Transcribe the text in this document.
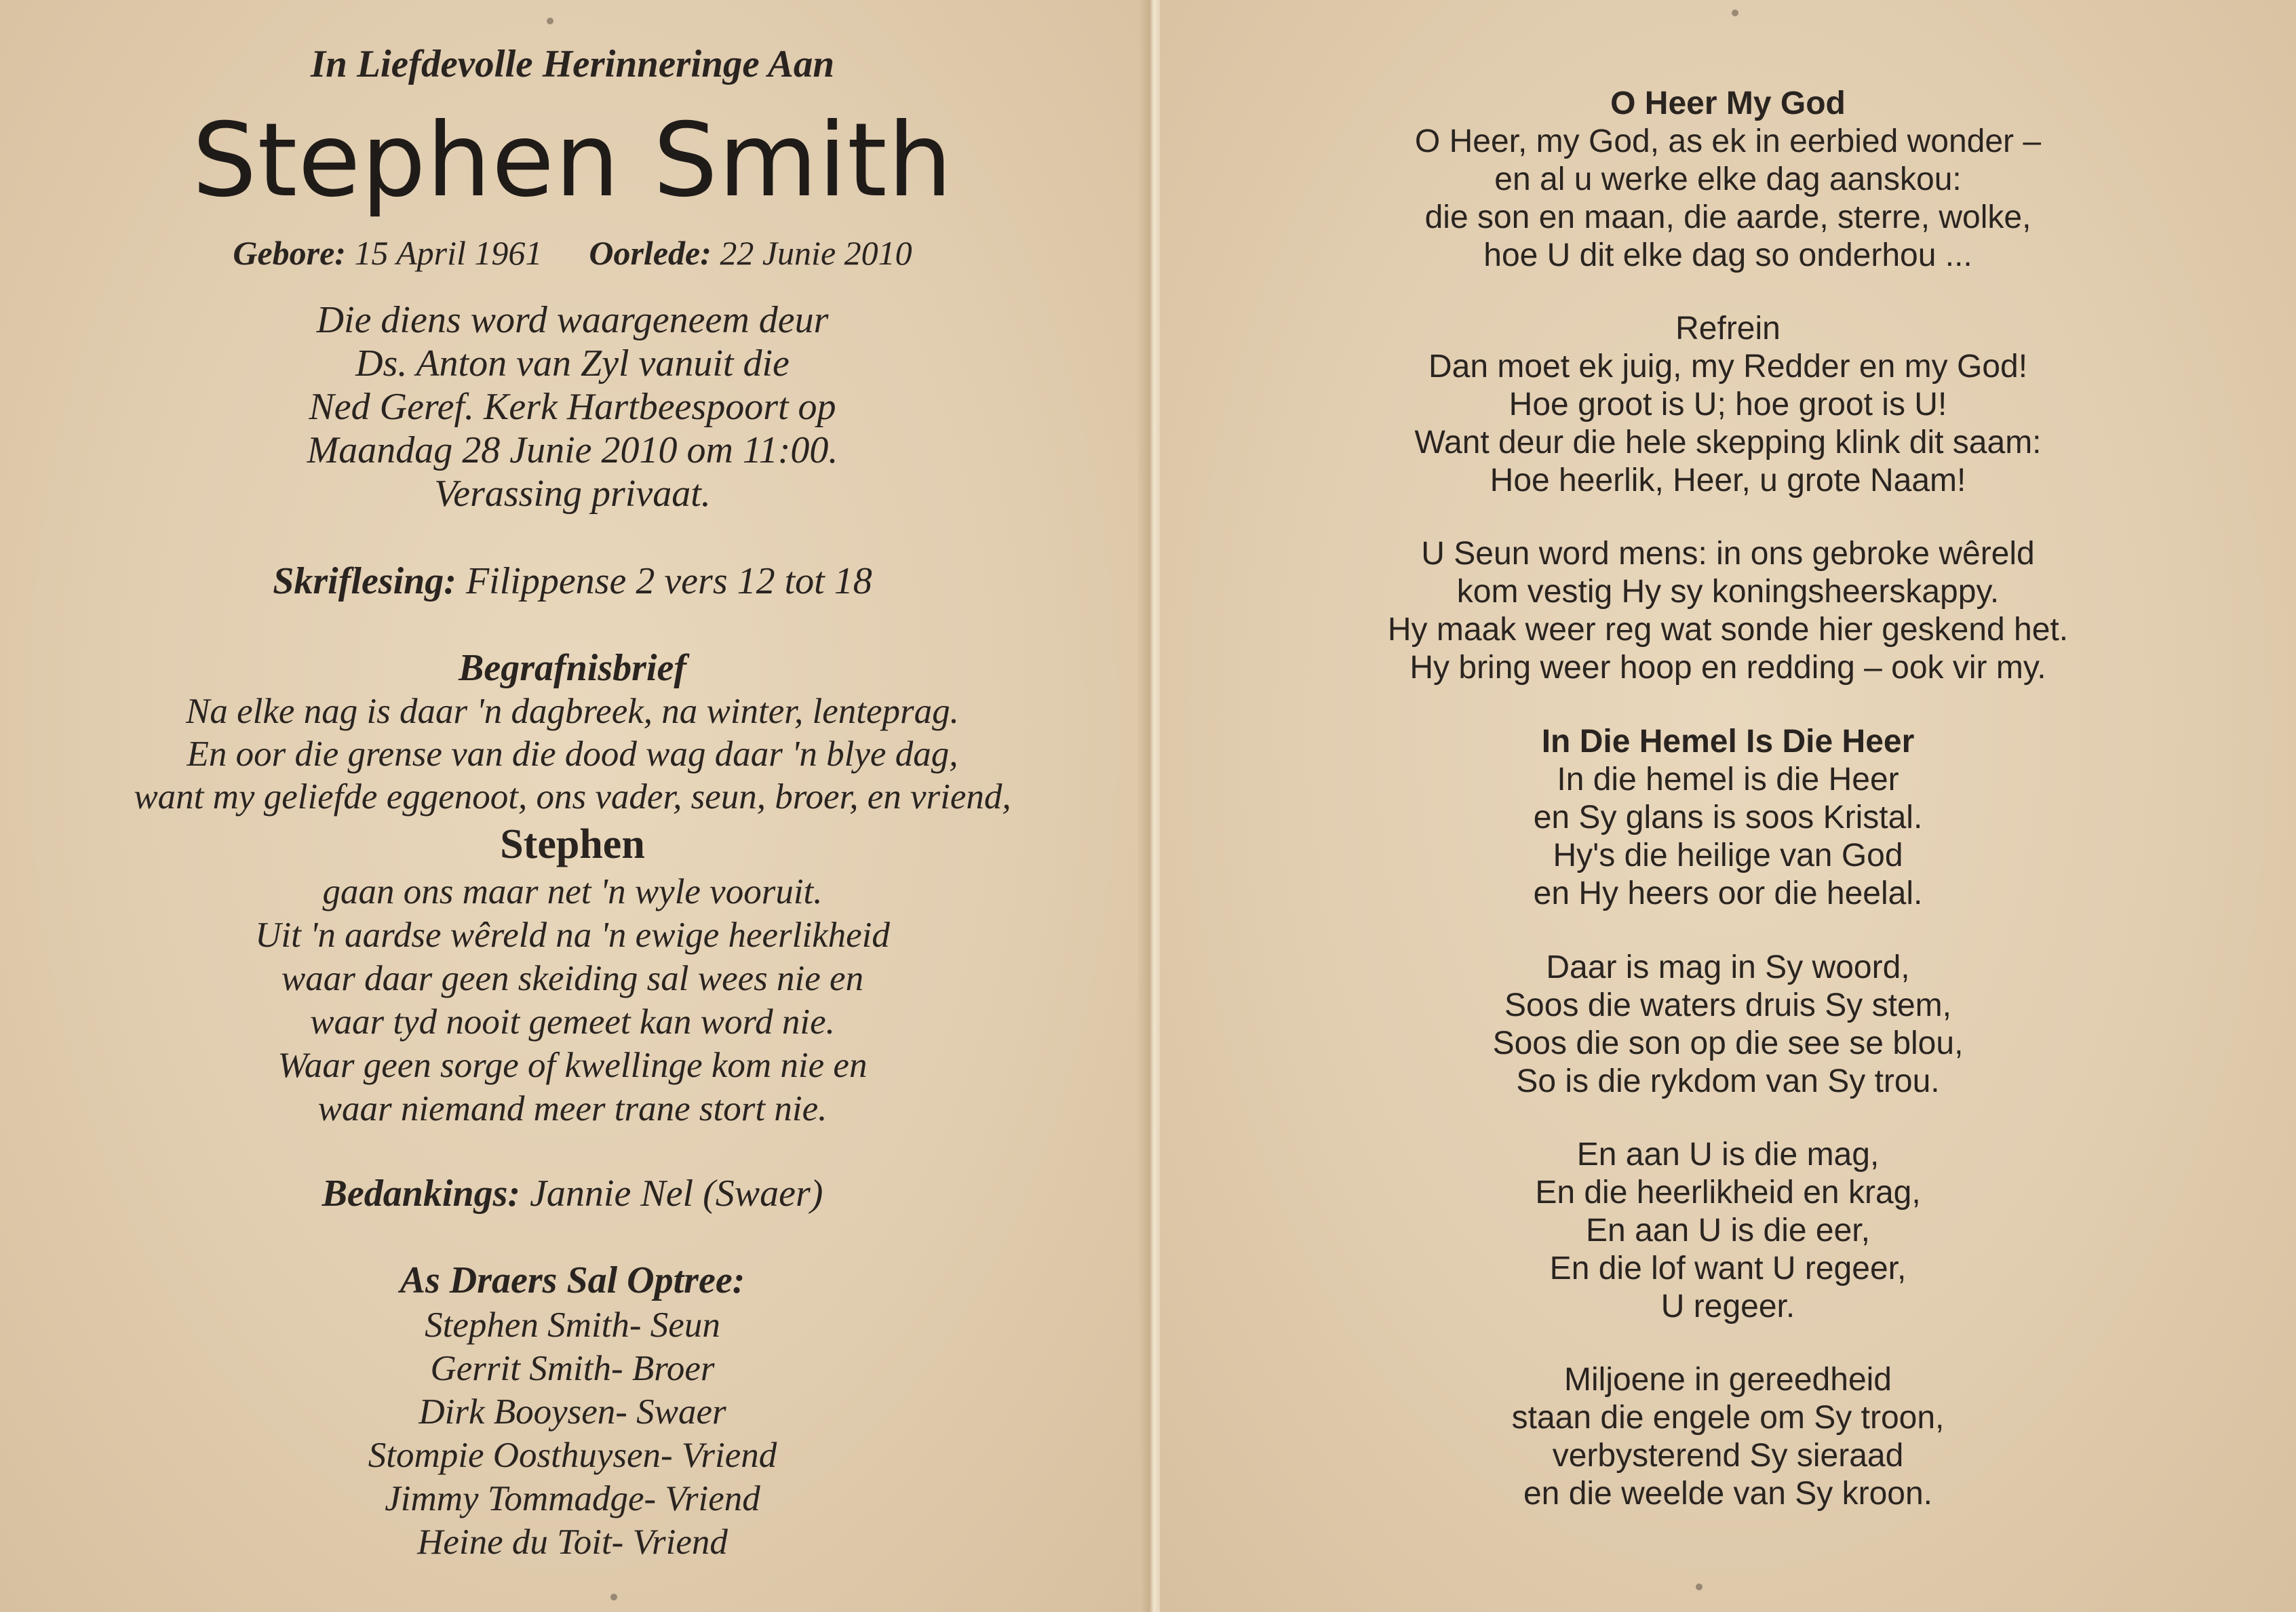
In Liefdevolle Herinneringe Aan
Stephen Smith
Gebore: 15 April 1961 Oorlede: 22 Junie 2010
Die diens word waargeneem deur
Ds. Anton van Zyl vanuit die
Ned Geref. Kerk Hartbeespoort op
Maandag 28 Junie 2010 om 11:00.
Verassing privaat.
Skriflesing: Filippense 2 vers 12 tot 18
Begrafnisbrief
Na elke nag is daar 'n dagbreek, na winter, lenteprag.
En oor die grense van die dood wag daar 'n blye dag,
want my geliefde eggenoot, ons vader, seun, broer, en vriend,
Stephen
gaan ons maar net 'n wyle vooruit.
Uit 'n aardse wêreld na 'n ewige heerlikheid
waar daar geen skeiding sal wees nie en
waar tyd nooit gemeet kan word nie.
Waar geen sorge of kwellinge kom nie en
waar niemand meer trane stort nie.
Bedankings: Jannie Nel (Swaer)
As Draers Sal Optree:
Stephen Smith- Seun
Gerrit Smith- Broer
Dirk Booysen- Swaer
Stompie Oosthuysen- Vriend
Jimmy Tommadge- Vriend
Heine du Toit- Vriend
O Heer My God
O Heer, my God, as ek in eerbied wonder –
en al u werke elke dag aanskou:
die son en maan, die aarde, sterre, wolke,
hoe U dit elke dag so onderhou ...
Refrein
Dan moet ek juig, my Redder en my God!
Hoe groot is U; hoe groot is U!
Want deur die hele skepping klink dit saam:
Hoe heerlik, Heer, u grote Naam!
U Seun word mens: in ons gebroke wêreld
kom vestig Hy sy koningsheerskappy.
Hy maak weer reg wat sonde hier geskend het.
Hy bring weer hoop en redding – ook vir my.
In Die Hemel Is Die Heer
In die hemel is die Heer
en Sy glans is soos Kristal.
Hy's die heilige van God
en Hy heers oor die heelal.
Daar is mag in Sy woord,
Soos die waters druis Sy stem,
Soos die son op die see se blou,
So is die rykdom van Sy trou.
En aan U is die mag,
En die heerlikheid en krag,
En aan U is die eer,
En die lof want U regeer,
U regeer.
Miljoene in gereedheid
staan die engele om Sy troon,
verbysterend Sy sieraad
en die weelde van Sy kroon.
